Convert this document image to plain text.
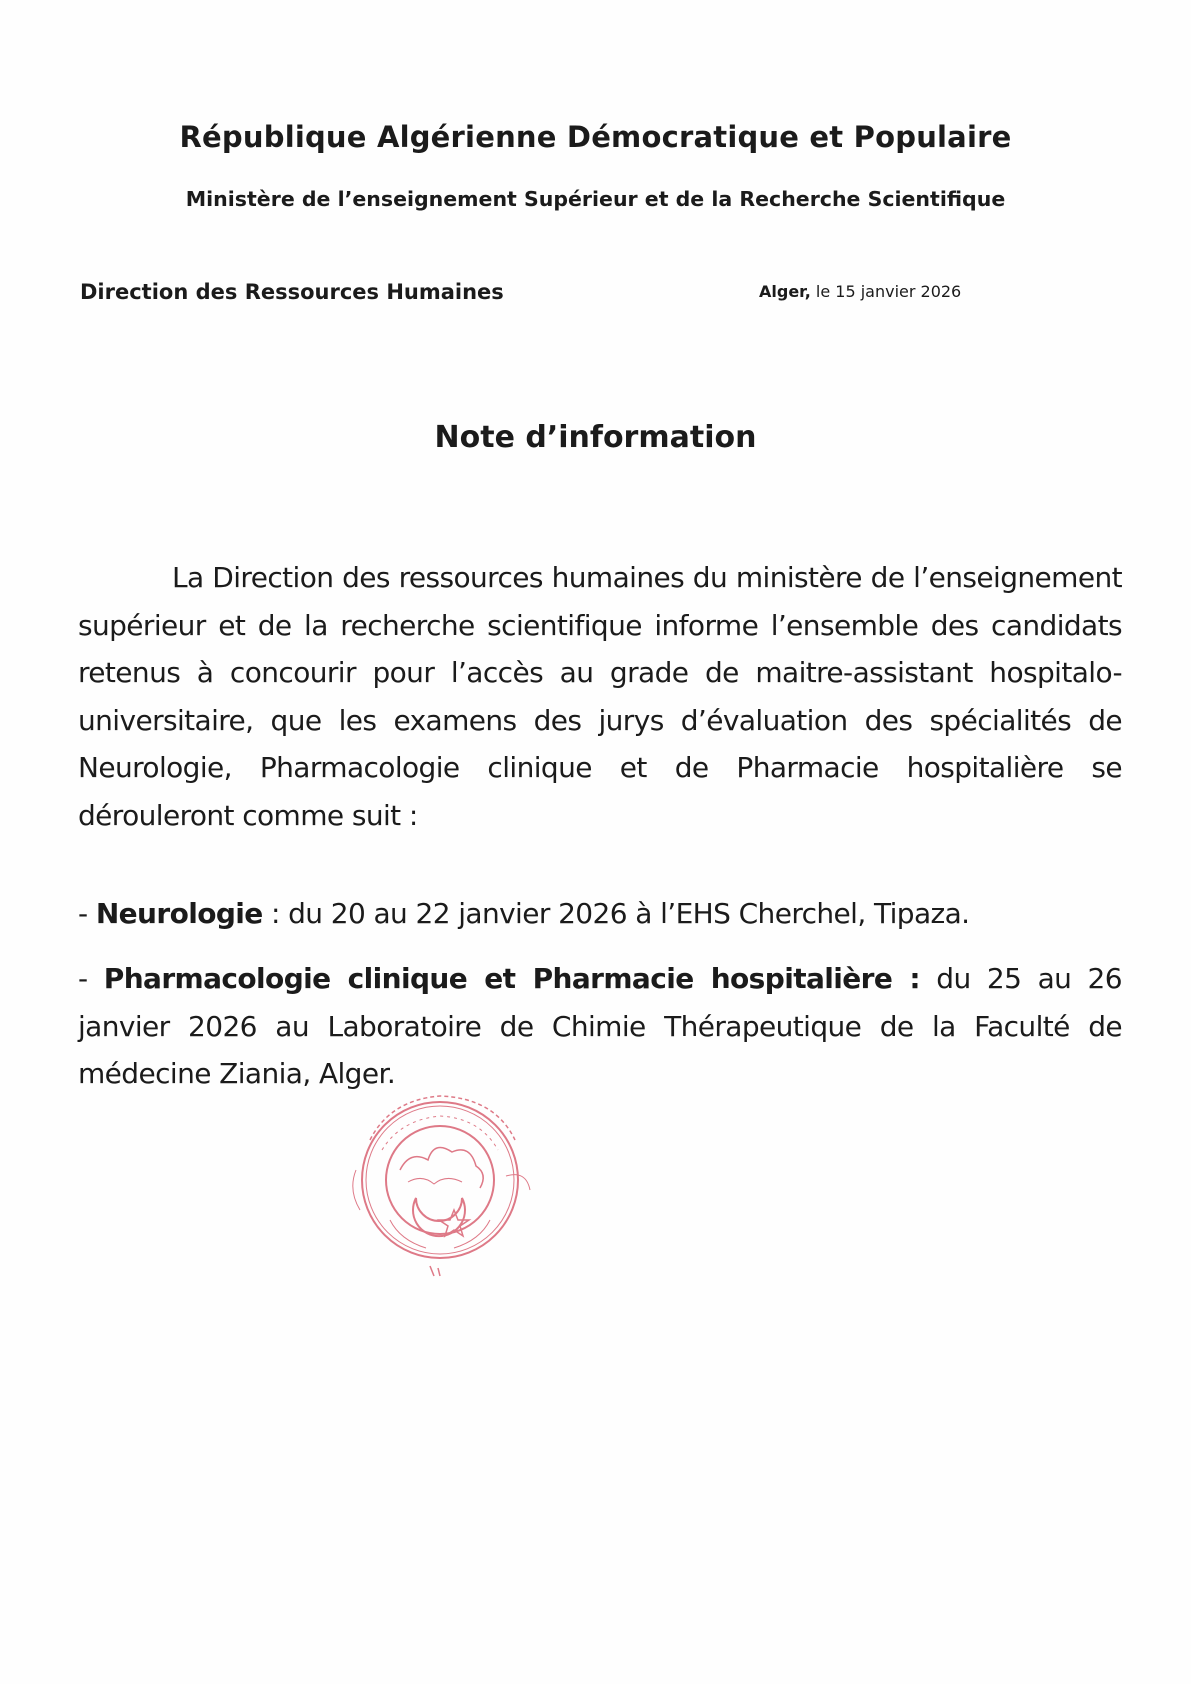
République Algérienne Démocratique et Populaire
Ministère de l’enseignement Supérieur et de la Recherche Scientifique
Direction des Ressources Humaines	Alger, le 15 janvier 2026
Note d’information

La Direction des ressources humaines du ministère de l’enseignement supérieur et de la recherche scientifique informe l’ensemble des candidats retenus à concourir pour l’accès au grade de maitre-assistant hospitalo-universitaire, que les examens des jurys d’évaluation des spécialités de Neurologie, Pharmacologie clinique et de Pharmacie hospitalière se dérouleront comme suit :

- Neurologie : du 20 au 22 janvier 2026 à l’EHS Cherchel, Tipaza.

- Pharmacologie clinique et Pharmacie hospitalière : du 25 au 26 janvier 2026 au Laboratoire de Chimie Thérapeutique de la Faculté de médecine Ziania, Alger.
